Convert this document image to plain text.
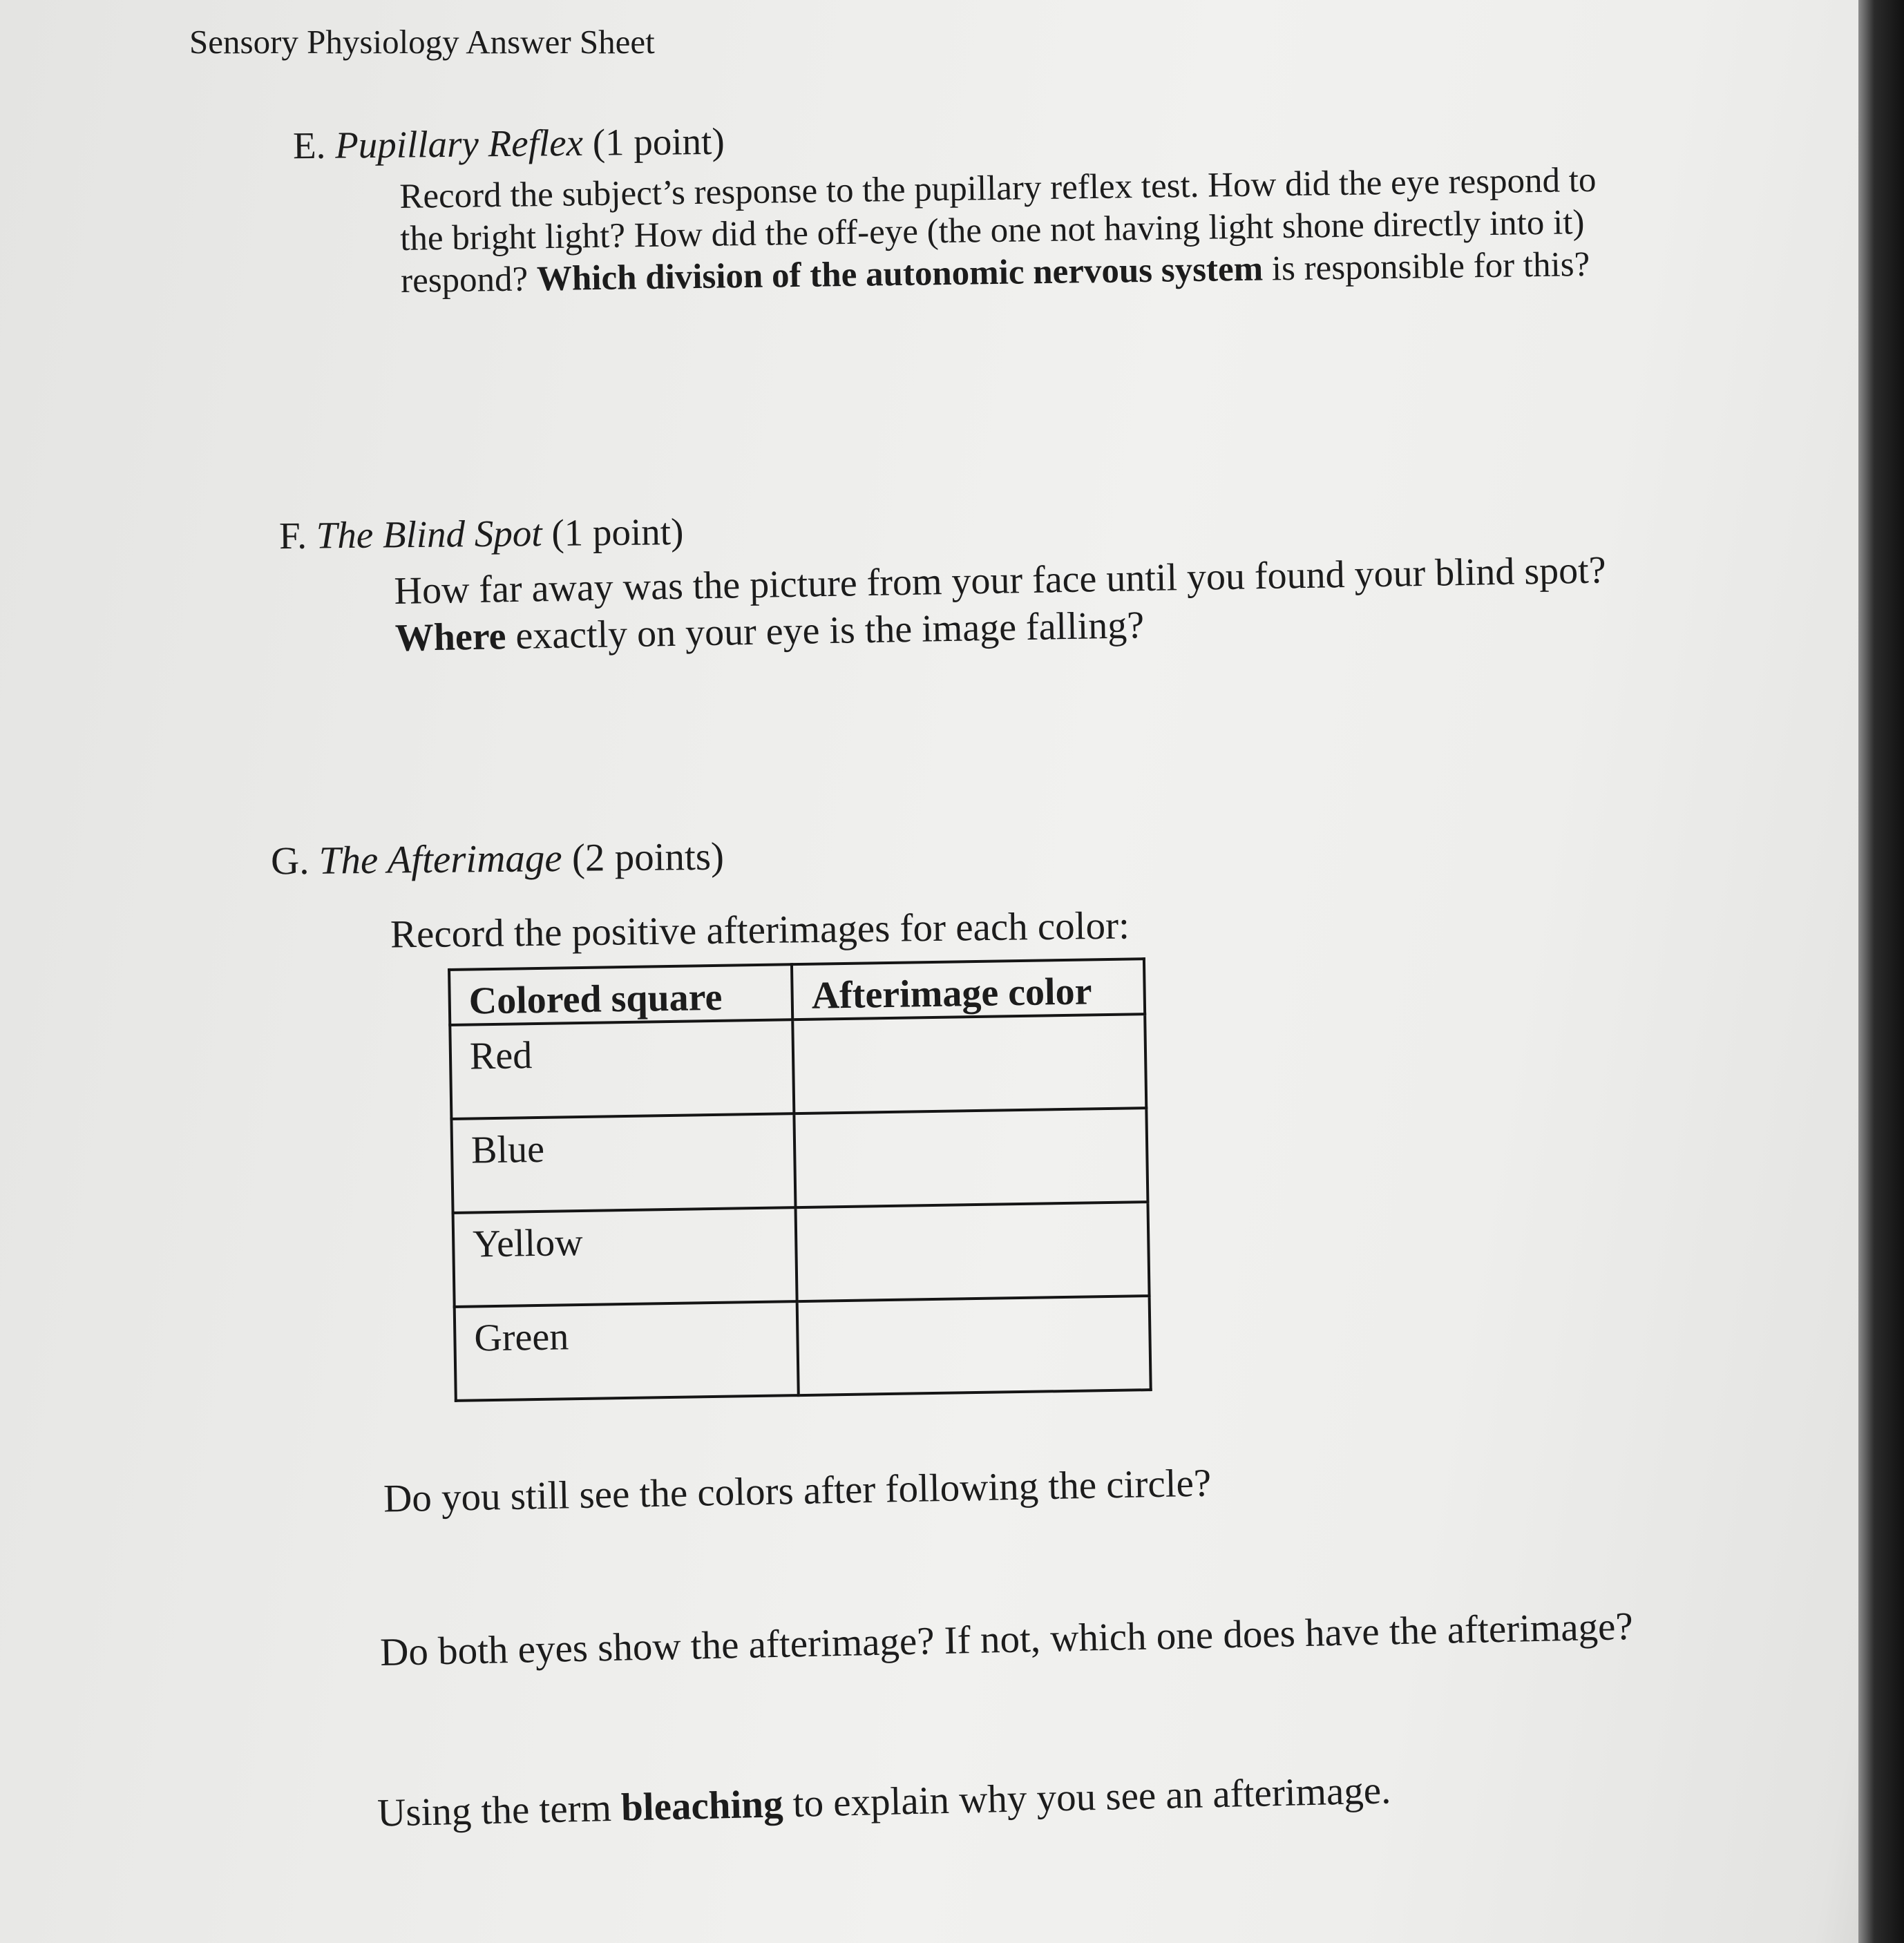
Sensory Physiology Answer Sheet
E. Pupillary Reflex (1 point)
Record the subject’s response to the pupillary reflex test. How did the eye respond to the bright light? How did the off-eye (the one not having light shone directly into it) respond? Which division of the autonomic nervous system is responsible for this?
F. The Blind Spot (1 point)
How far away was the picture from your face until you found your blind spot?
Where exactly on your eye is the image falling?
G. The Afterimage (2 points)
Record the positive afterimages for each color:
Colored square	Afterimage color
Red	
Blue	
Yellow	
Green	
Do you still see the colors after following the circle?
Do both eyes show the afterimage? If not, which one does have the afterimage?
Using the term bleaching to explain why you see an afterimage.
